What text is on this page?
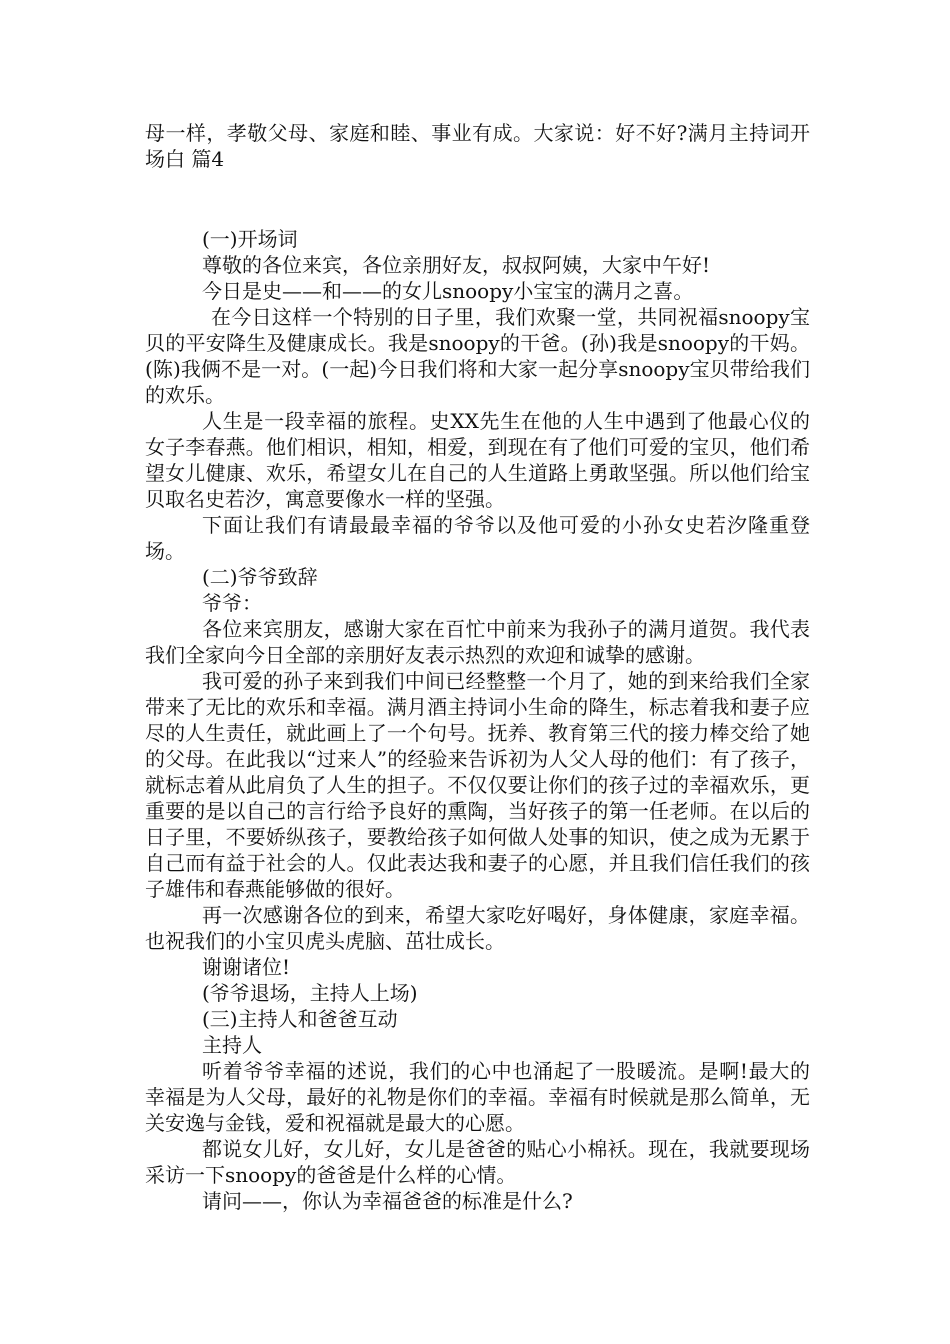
母一样，孝敬父母、家庭和睦、事业有成。大家说：好不好?满月主持词开场白 篇4

(一)开场词

尊敬的各位来宾，各位亲朋好友，叔叔阿姨，大家中午好!

今日是史——和——的女儿snoopy小宝宝的满月之喜。

在今日这样一个特别的日子里，我们欢聚一堂，共同祝福snoopy宝贝的平安降生及健康成长。我是snoopy的干爸。(孙)我是snoopy的干妈。(陈)我俩不是一对。(一起)今日我们将和大家一起分享snoopy宝贝带给我们的欢乐。

人生是一段幸福的旅程。史XX先生在他的人生中遇到了他最心仪的女子李春燕。他们相识，相知，相爱，到现在有了他们可爱的宝贝，他们希望女儿健康、欢乐，希望女儿在自己的人生道路上勇敢坚强。所以他们给宝贝取名史若汐，寓意要像水一样的坚强。

下面让我们有请最最幸福的爷爷以及他可爱的小孙女史若汐隆重登场。

(二)爷爷致辞

爷爷：

各位来宾朋友，感谢大家在百忙中前来为我孙子的满月道贺。我代表我们全家向今日全部的亲朋好友表示热烈的欢迎和诚挚的感谢。

我可爱的孙子来到我们中间已经整整一个月了，她的到来给我们全家带来了无比的欢乐和幸福。满月酒主持词小生命的降生，标志着我和妻子应尽的人生责任，就此画上了一个句号。抚养、教育第三代的接力棒交给了她的父母。在此我以“过来人”的经验来告诉初为人父人母的他们：有了孩子，就标志着从此肩负了人生的担子。不仅仅要让你们的孩子过的幸福欢乐，更重要的是以自己的言行给予良好的熏陶，当好孩子的第一任老师。在以后的日子里，不要娇纵孩子，要教给孩子如何做人处事的知识，使之成为无累于自己而有益于社会的人。仅此表达我和妻子的心愿，并且我们信任我们的孩子雄伟和春燕能够做的很好。

再一次感谢各位的到来，希望大家吃好喝好，身体健康，家庭幸福。也祝我们的小宝贝虎头虎脑、茁壮成长。

谢谢诸位!

(爷爷退场，主持人上场)

(三)主持人和爸爸互动

主持人

听着爷爷幸福的述说，我们的心中也涌起了一股暖流。是啊!最大的幸福是为人父母，最好的礼物是你们的幸福。幸福有时候就是那么简单，无关安逸与金钱，爱和祝福就是最大的心愿。

都说女儿好，女儿好，女儿是爸爸的贴心小棉袄。现在，我就要现场采访一下snoopy的爸爸是什么样的心情。

请问——，你认为幸福爸爸的标准是什么?
